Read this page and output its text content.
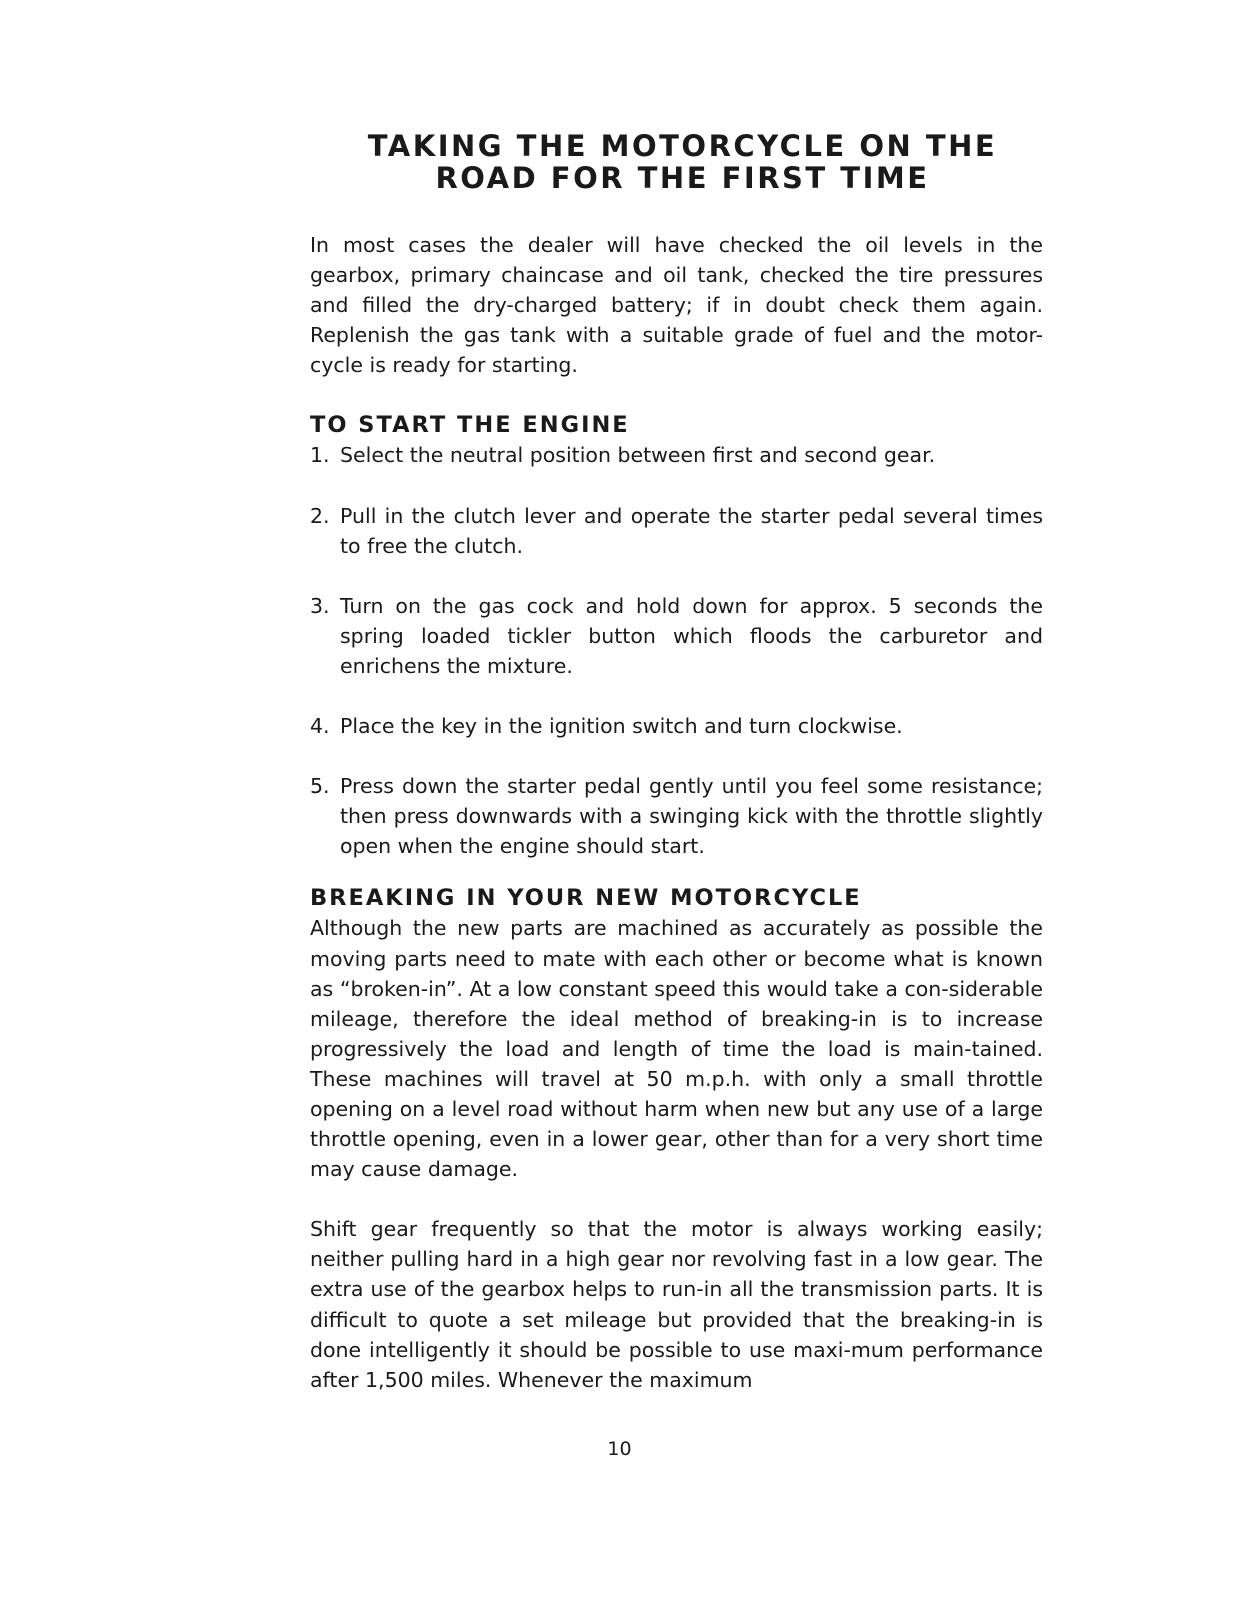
TAKING THE MOTORCYCLE ON THE
ROAD FOR THE FIRST TIME

In most cases the dealer will have checked the oil levels in the gearbox, primary chaincase and oil tank, checked the tire pressures and filled the dry-charged battery; if in doubt check them again. Replenish the gas tank with a suitable grade of fuel and the motor-cycle is ready for starting.

TO START THE ENGINE
1. Select the neutral position between first and second gear.
2. Pull in the clutch lever and operate the starter pedal several times to free the clutch.
3. Turn on the gas cock and hold down for approx. 5 seconds the spring loaded tickler button which floods the carburetor and enrichens the mixture.
4. Place the key in the ignition switch and turn clockwise.
5. Press down the starter pedal gently until you feel some resistance; then press downwards with a swinging kick with the throttle slightly open when the engine should start.
BREAKING IN YOUR NEW MOTORCYCLE

Although the new parts are machined as accurately as possible the moving parts need to mate with each other or become what is known as “broken-in”. At a low constant speed this would take a con-siderable mileage, therefore the ideal method of breaking-in is to increase progressively the load and length of time the load is main-tained. These machines will travel at 50 m.p.h. with only a small throttle opening on a level road without harm when new but any use of a large throttle opening, even in a lower gear, other than for a very short time may cause damage.

Shift gear frequently so that the motor is always working easily; neither pulling hard in a high gear nor revolving fast in a low gear. The extra use of the gearbox helps to run-in all the transmission parts. It is difficult to quote a set mileage but provided that the breaking-in is done intelligently it should be possible to use maxi-mum performance after 1,500 miles. Whenever the maximum

10
